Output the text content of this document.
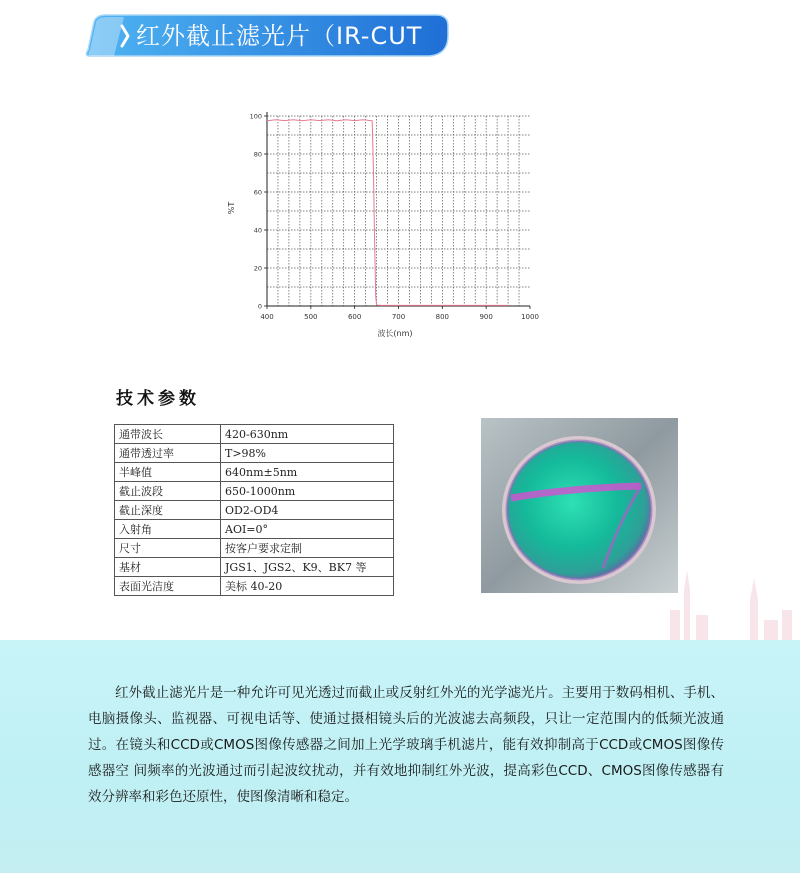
红外截止滤光片（IR-CUT
400	500	600	700	800	900	1000
0
20
40
60
80
100
波长(nm)
%T
技术参数
通带波长	420-630nm
通带透过率	T>98%
半峰值	640nm±5nm
截止波段	650-1000nm
截止深度	OD2-OD4
入射角	AOI=0°
尺寸	按客户要求定制
基材	JGS1、JGS2、K9、BK7 等
表面光洁度	美标 40-20

红外截止滤光片是一种允许可见光透过而截止或反射红外光的光学滤光片。主要用于数码相机、手机、电脑摄像头、监视器、可视电话等、使通过摄相镜头后的光波滤去高频段，只让一定范围内的低频光波通过。在镜头和CCD或CMOS图像传感器之间加上光学玻璃手机滤片，能有效抑制高于CCD或CMOS图像传感器空 间频率的光波通过而引起波纹扰动，并有效地抑制红外光波，提高彩色CCD、CMOS图像传感器有效分辨率和彩色还原性，使图像清晰和稳定。
